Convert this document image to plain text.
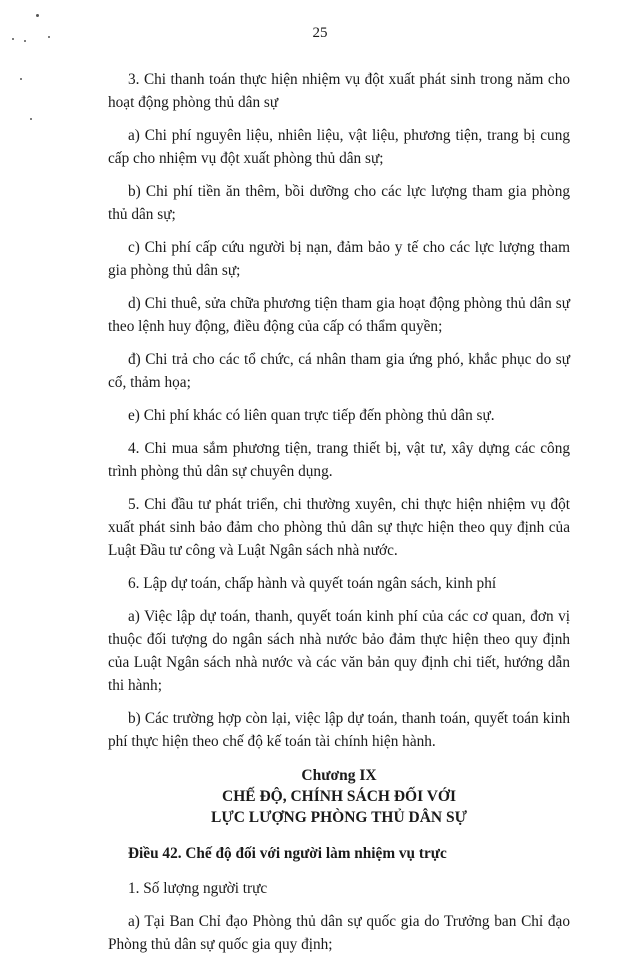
25

3. Chi thanh toán thực hiện nhiệm vụ đột xuất phát sinh trong năm cho hoạt động phòng thủ dân sự

a) Chi phí nguyên liệu, nhiên liệu, vật liệu, phương tiện, trang bị cung cấp cho nhiệm vụ đột xuất phòng thủ dân sự;

b) Chi phí tiền ăn thêm, bồi dưỡng cho các lực lượng tham gia phòng thủ dân sự;

c) Chi phí cấp cứu người bị nạn, đảm bảo y tế cho các lực lượng tham gia phòng thủ dân sự;

d) Chi thuê, sửa chữa phương tiện tham gia hoạt động phòng thủ dân sự theo lệnh huy động, điều động của cấp có thẩm quyền;

đ) Chi trả cho các tổ chức, cá nhân tham gia ứng phó, khắc phục do sự cố, thảm họa;

e) Chi phí khác có liên quan trực tiếp đến phòng thủ dân sự.

4. Chi mua sắm phương tiện, trang thiết bị, vật tư, xây dựng các công trình phòng thủ dân sự chuyên dụng.

5. Chi đầu tư phát triển, chi thường xuyên, chi thực hiện nhiệm vụ đột xuất phát sinh bảo đảm cho phòng thủ dân sự thực hiện theo quy định của Luật Đầu tư công và Luật Ngân sách nhà nước.

6. Lập dự toán, chấp hành và quyết toán ngân sách, kinh phí

a) Việc lập dự toán, thanh, quyết toán kinh phí của các cơ quan, đơn vị thuộc đối tượng do ngân sách nhà nước bảo đảm thực hiện theo quy định của Luật Ngân sách nhà nước và các văn bản quy định chi tiết, hướng dẫn thi hành;

b) Các trường hợp còn lại, việc lập dự toán, thanh toán, quyết toán kinh phí thực hiện theo chế độ kế toán tài chính hiện hành.

Chương IX
CHẾ ĐỘ, CHÍNH SÁCH ĐỐI VỚI
LỰC LƯỢNG PHÒNG THỦ DÂN SỰ

Điều 42. Chế độ đối với người làm nhiệm vụ trực

1. Số lượng người trực

a) Tại Ban Chỉ đạo Phòng thủ dân sự quốc gia do Trưởng ban Chỉ đạo Phòng thủ dân sự quốc gia quy định;
